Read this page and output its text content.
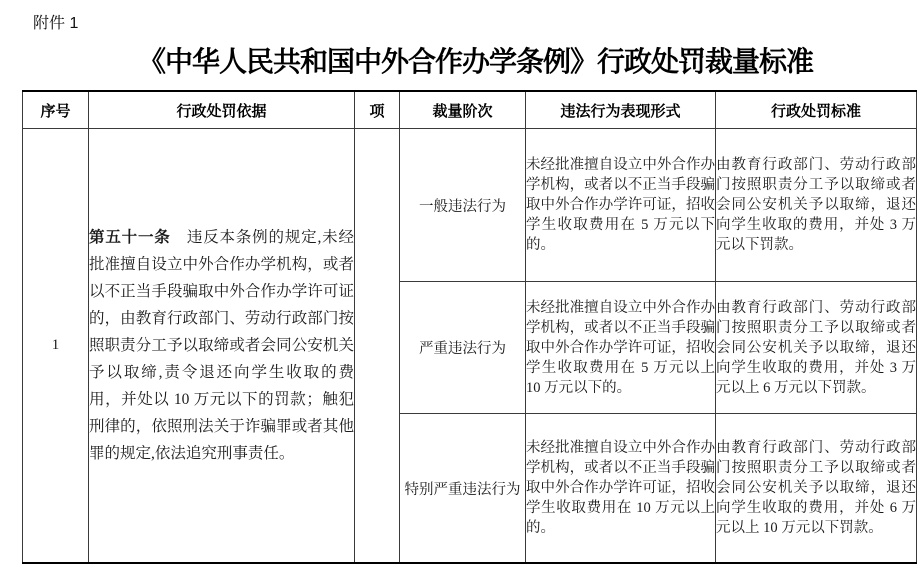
附件 1
《中华人民共和国中外合作办学条例》行政处罚裁量标准
序号	行政处罚依据	项	裁量阶次	违法行为表现形式	行政处罚标准
1	第五十一条　违反本条例的规定,未经批准擅自设立中外合作办学机构，或者以不正当手段骗取中外合作办学许可证的，由教育行政部门、劳动行政部门按照职责分工予以取缔或者会同公安机关予以取缔,责令退还向学生收取的费用，并处以 10 万元以下的罚款；触犯刑律的，依照刑法关于诈骗罪或者其他罪的规定,依法追究刑事责任。		一般违法行为	未经批准擅自设立中外合作办学机构，或者以不正当手段骗取中外合作办学许可证，招收学生收取费用在 5 万元以下的。	由教育行政部门、劳动行政部门按照职责分工予以取缔或者会同公安机关予以取缔，退还向学生收取的费用，并处 3 万元以下罚款。
			严重违法行为	未经批准擅自设立中外合作办学机构，或者以不正当手段骗取中外合作办学许可证，招收学生收取费用在 5 万元以上 10 万元以下的。	由教育行政部门、劳动行政部门按照职责分工予以取缔或者会同公安机关予以取缔，退还向学生收取的费用，并处 3 万元以上 6 万元以下罚款。
			特别严重违法行为	未经批准擅自设立中外合作办学机构，或者以不正当手段骗取中外合作办学许可证，招收学生收取费用在 10 万元以上的。	由教育行政部门、劳动行政部门按照职责分工予以取缔或者会同公安机关予以取缔，退还向学生收取的费用，并处 6 万元以上 10 万元以下罚款。
